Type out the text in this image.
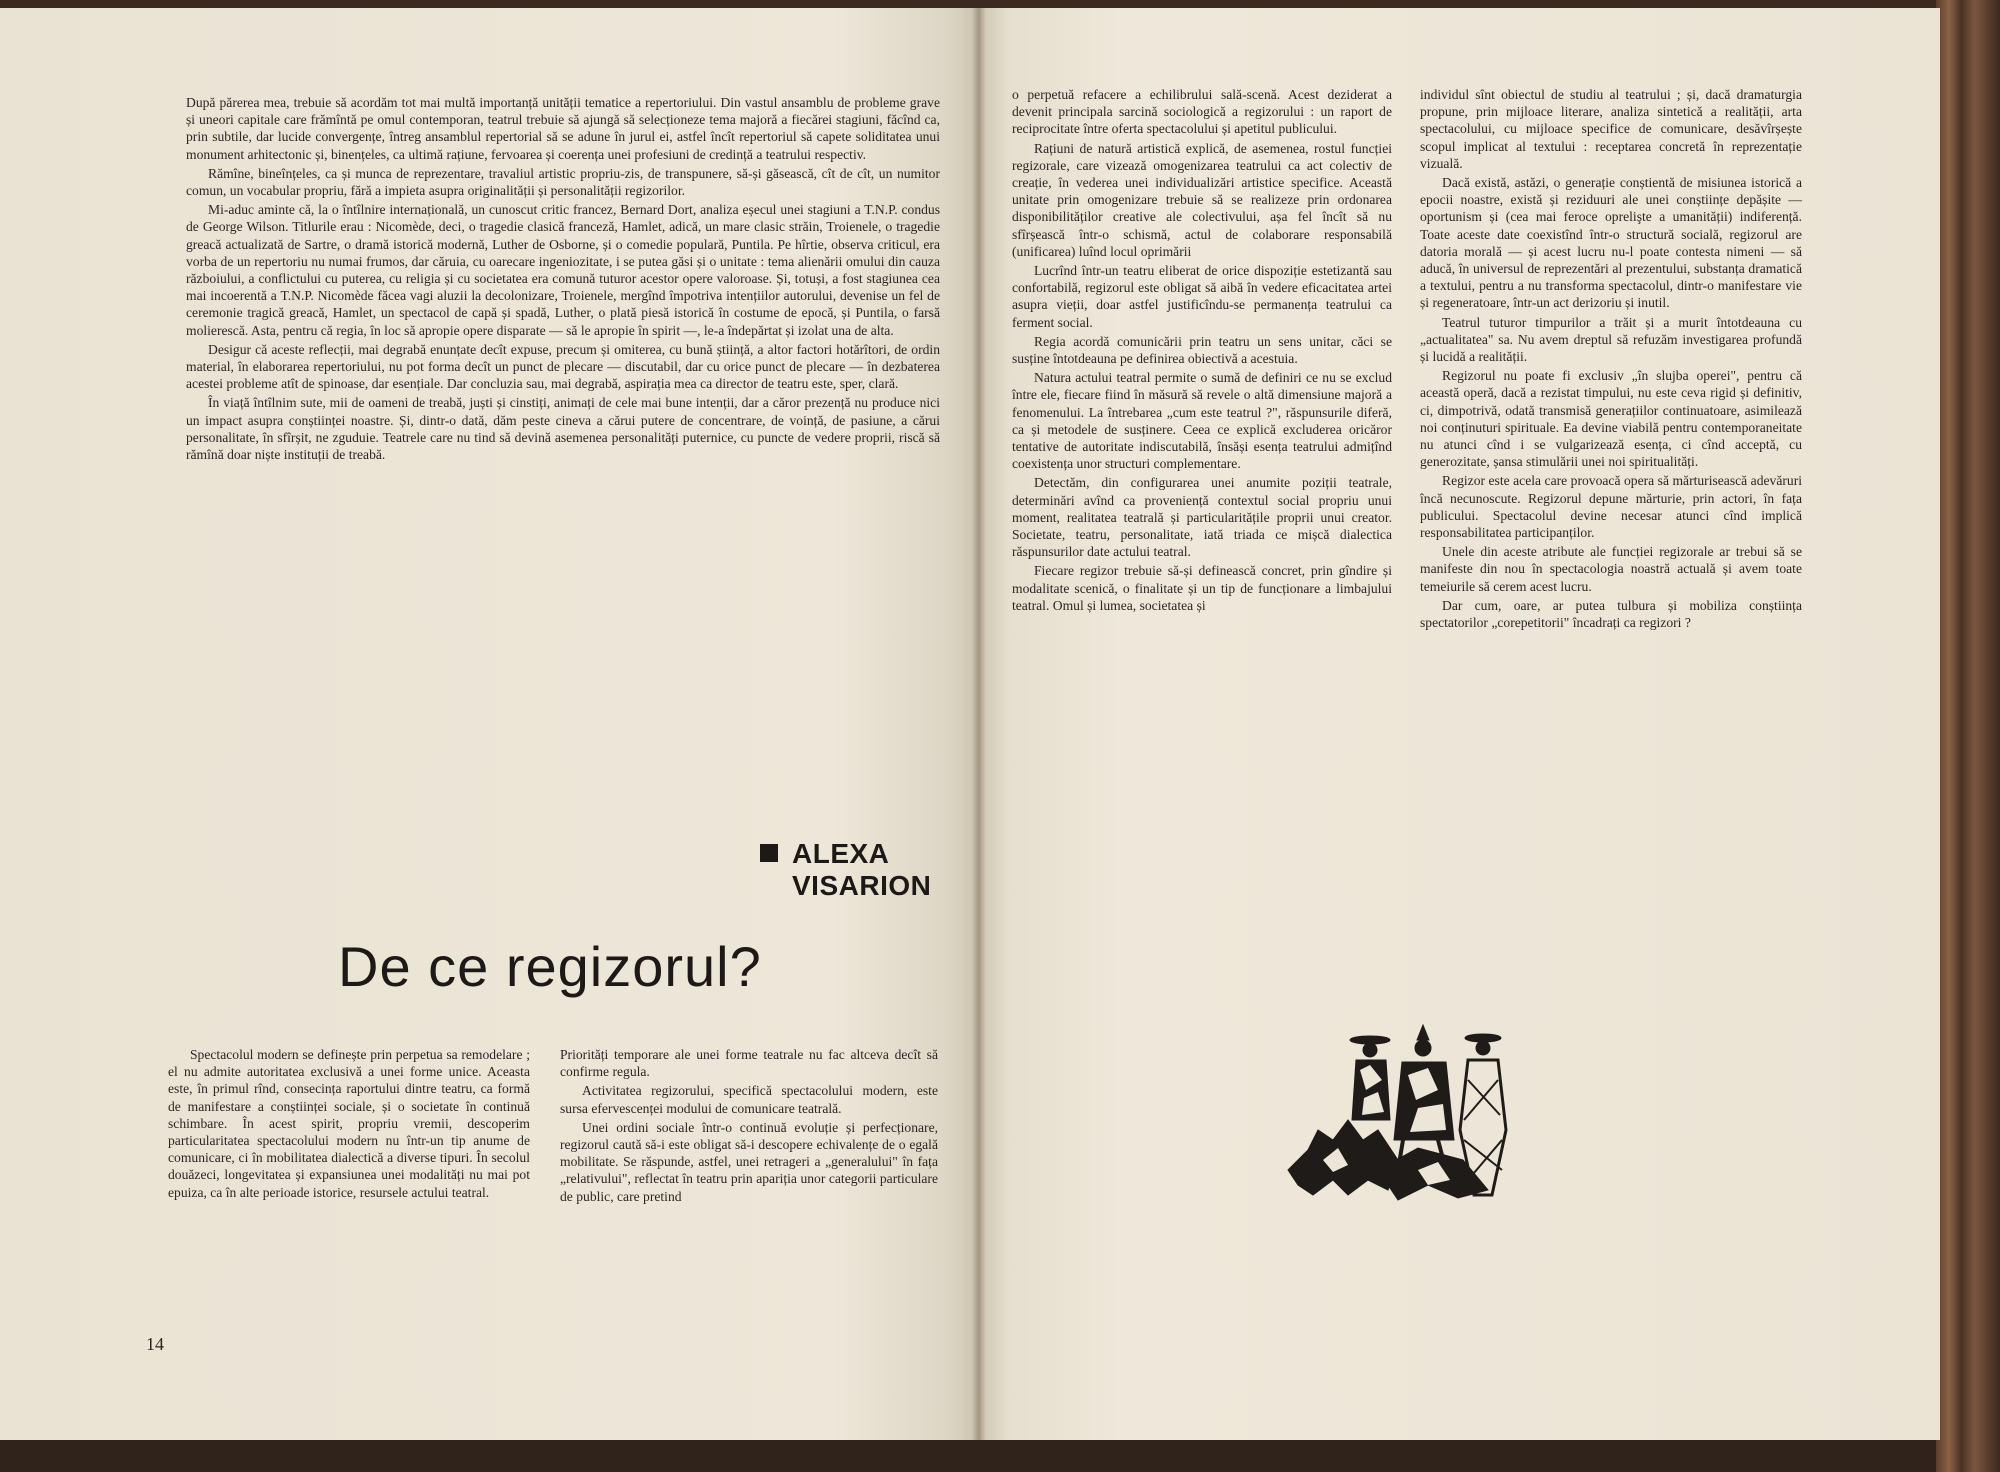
După părerea mea, trebuie să acordăm tot mai multă importanță unității tematice a repertoriului. Din vastul ansamblu de probleme grave și uneori capitale care frămîntă pe omul contemporan, teatrul trebuie să ajungă să selecționeze tema majoră a fiecărei stagiuni, făcînd ca, prin subtile, dar lucide convergențe, întreg ansamblul repertorial să se adune în jurul ei, astfel încît repertoriul să capete soliditatea unui monument arhitectonic și, binențeles, ca ultimă rațiune, fervoarea și coerența unei profesiuni de credință a teatrului respectiv.

Rămîne, bineînțeles, ca și munca de reprezentare, travaliul artistic propriu-zis, de transpunere, să-și găsească, cît de cît, un numitor comun, un vocabular propriu, fără a impieta asupra originalității și personalității regizorilor.

Mi-aduc aminte că, la o întîlnire internațională, un cunoscut critic francez, Bernard Dort, analiza eșecul unei stagiuni a T.N.P. condus de George Wilson. Titlurile erau : Nicomède, deci, o tragedie clasică franceză, Hamlet, adică, un mare clasic străin, Troienele, o tragedie greacă actualizată de Sartre, o dramă istorică modernă, Luther de Osborne, și o comedie populară, Puntila. Pe hîrtie, observa criticul, era vorba de un repertoriu nu numai frumos, dar căruia, cu oarecare ingeniozitate, i se putea găsi și o unitate : tema alienării omului din cauza războiului, a conflictului cu puterea, cu religia și cu societatea era comună tuturor acestor opere valoroase. Și, totuși, a fost stagiunea cea mai incoerentă a T.N.P. Nicomède făcea vagi aluzii la decolonizare, Troienele, mergînd împotriva intențiilor autorului, devenise un fel de ceremonie tragică greacă, Hamlet, un spectacol de capă și spadă, Luther, o plată piesă istorică în costume de epocă, și Puntila, o farsă molierescă. Asta, pentru că regia, în loc să apropie opere disparate — să le apropie în spirit —, le-a îndepărtat și izolat una de alta.

Desigur că aceste reflecții, mai degrabă enunțate decît expuse, precum și omiterea, cu bună știință, a altor factori hotărîtori, de ordin material, în elaborarea repertoriului, nu pot forma decît un punct de plecare — discutabil, dar cu orice punct de plecare — în dezbaterea acestei probleme atît de spinoase, dar esențiale. Dar concluzia sau, mai degrabă, aspirația mea ca director de teatru este, sper, clară.

În viață întîlnim sute, mii de oameni de treabă, juști și cinstiți, animați de cele mai bune intenții, dar a căror prezență nu produce nici un impact asupra conștiinței noastre. Și, dintr-o dată, dăm peste cineva a cărui putere de concentrare, de voință, de pasiune, a cărui personalitate, în sfîrșit, ne zguduie. Teatrele care nu tind să devină asemenea personalități puternice, cu puncte de vedere proprii, riscă să rămînă doar niște instituții de treabă.

ALEXA
VISARION
De ce regizorul?

Spectacolul modern se definește prin perpetua sa remodelare ; el nu admite autoritatea exclusivă a unei forme unice. Aceasta este, în primul rînd, consecința raportului dintre teatru, ca formă de manifestare a conștiinței sociale, și o societate în continuă schimbare. În acest spirit, propriu vremii, descoperim particularitatea spectacolului modern nu într-un tip anume de comunicare, ci în mobilitatea dialectică a diverse tipuri. În secolul douăzeci, longevitatea și expansiunea unei modalități nu mai pot epuiza, ca în alte perioade istorice, resursele actului teatral.

Priorități temporare ale unei forme teatrale nu fac altceva decît să confirme regula.

Activitatea regizorului, specifică spectacolului modern, este sursa efervescenței modului de comunicare teatrală.

Unei ordini sociale într-o continuă evoluție și perfecționare, regizorul caută să-i este obligat să-i descopere echivalențe de o egală mobilitate. Se răspunde, astfel, unei retrageri a „generalului" în fața „relativului", reflectat în teatru prin apariția unor categorii particulare de public, care pretind

14

o perpetuă refacere a echilibrului sală-scenă. Acest deziderat a devenit principala sarcină sociologică a regizorului : un raport de reciprocitate între oferta spectacolului și apetitul publicului.

Rațiuni de natură artistică explică, de asemenea, rostul funcției regizorale, care vizează omogenizarea teatrului ca act colectiv de creație, în vederea unei individualizări artistice specifice. Această unitate prin omogenizare trebuie să se realizeze prin ordonarea disponibilităților creative ale colectivului, așa fel încît să nu sfîrșească într-o schismă, actul de colaborare responsabilă (unificarea) luînd locul oprimării

Lucrînd într-un teatru eliberat de orice dispoziție estetizantă sau confortabilă, regizorul este obligat să aibă în vedere eficacitatea artei asupra vieții, doar astfel justificîndu-se permanența teatrului ca ferment social.

Regia acordă comunicării prin teatru un sens unitar, căci se susține întotdeauna pe definirea obiectivă a acestuia.

Natura actului teatral permite o sumă de definiri ce nu se exclud între ele, fiecare fiind în măsură să revele o altă dimensiune majoră a fenomenului. La întrebarea „cum este teatrul ?", răspunsurile diferă, ca și metodele de susținere. Ceea ce explică excluderea oricăror tentative de autoritate indiscutabilă, însăși esența teatrului admițînd coexistența unor structuri complementare.

Detectăm, din configurarea unei anumite poziții teatrale, determinări avînd ca proveniență contextul social propriu unui moment, realitatea teatrală și particularitățile proprii unui creator. Societate, teatru, personalitate, iată triada ce mișcă dialectica răspunsurilor date actului teatral.

Fiecare regizor trebuie să-și definească concret, prin gîndire și modalitate scenică, o finalitate și un tip de funcționare a limbajului teatral. Omul și lumea, societatea și

individul sînt obiectul de studiu al teatrului ; și, dacă dramaturgia propune, prin mijloace literare, analiza sintetică a realității, arta spectacolului, cu mijloace specifice de comunicare, desăvîrșește scopul implicat al textului : receptarea concretă în reprezentație vizuală.

Dacă există, astăzi, o generație conștientă de misiunea istorică a epocii noastre, există și reziduuri ale unei conștiințe depășite — oportunism și (cea mai feroce oprelişte a umanității) indiferență. Toate aceste date coexistînd într-o structură socială, regizorul are datoria morală — și acest lucru nu-l poate contesta nimeni — să aducă, în universul de reprezentări al prezentului, substanța dramatică a textului, pentru a nu transforma spectacolul, dintr-o manifestare vie și regeneratoare, într-un act derizoriu și inutil.

Teatrul tuturor timpurilor a trăit și a murit întotdeauna cu „actualitatea" sa. Nu avem dreptul să refuzăm investigarea profundă și lucidă a realității.

Regizorul nu poate fi exclusiv „în slujba operei", pentru că această operă, dacă a rezistat timpului, nu este ceva rigid și definitiv, ci, dimpotrivă, odată transmisă generațiilor continuatoare, asimilează noi conținuturi spirituale. Ea devine viabilă pentru contemporaneitate nu atunci cînd i se vulgarizează esența, ci cînd acceptă, cu generozitate, șansa stimulării unei noi spiritualități.

Regizor este acela care provoacă opera să mărturisească adevăruri încă necunoscute. Regizorul depune mărturie, prin actori, în fața publicului. Spectacolul devine necesar atunci cînd implică responsabilitatea participanților.

Unele din aceste atribute ale funcției regizorale ar trebui să se manifeste din nou în spectacologia noastră actuală și avem toate temeiurile să cerem acest lucru.

Dar cum, oare, ar putea tulbura și mobiliza conștiința spectatorilor „corepetitorii" încadrați ca regizori ?
